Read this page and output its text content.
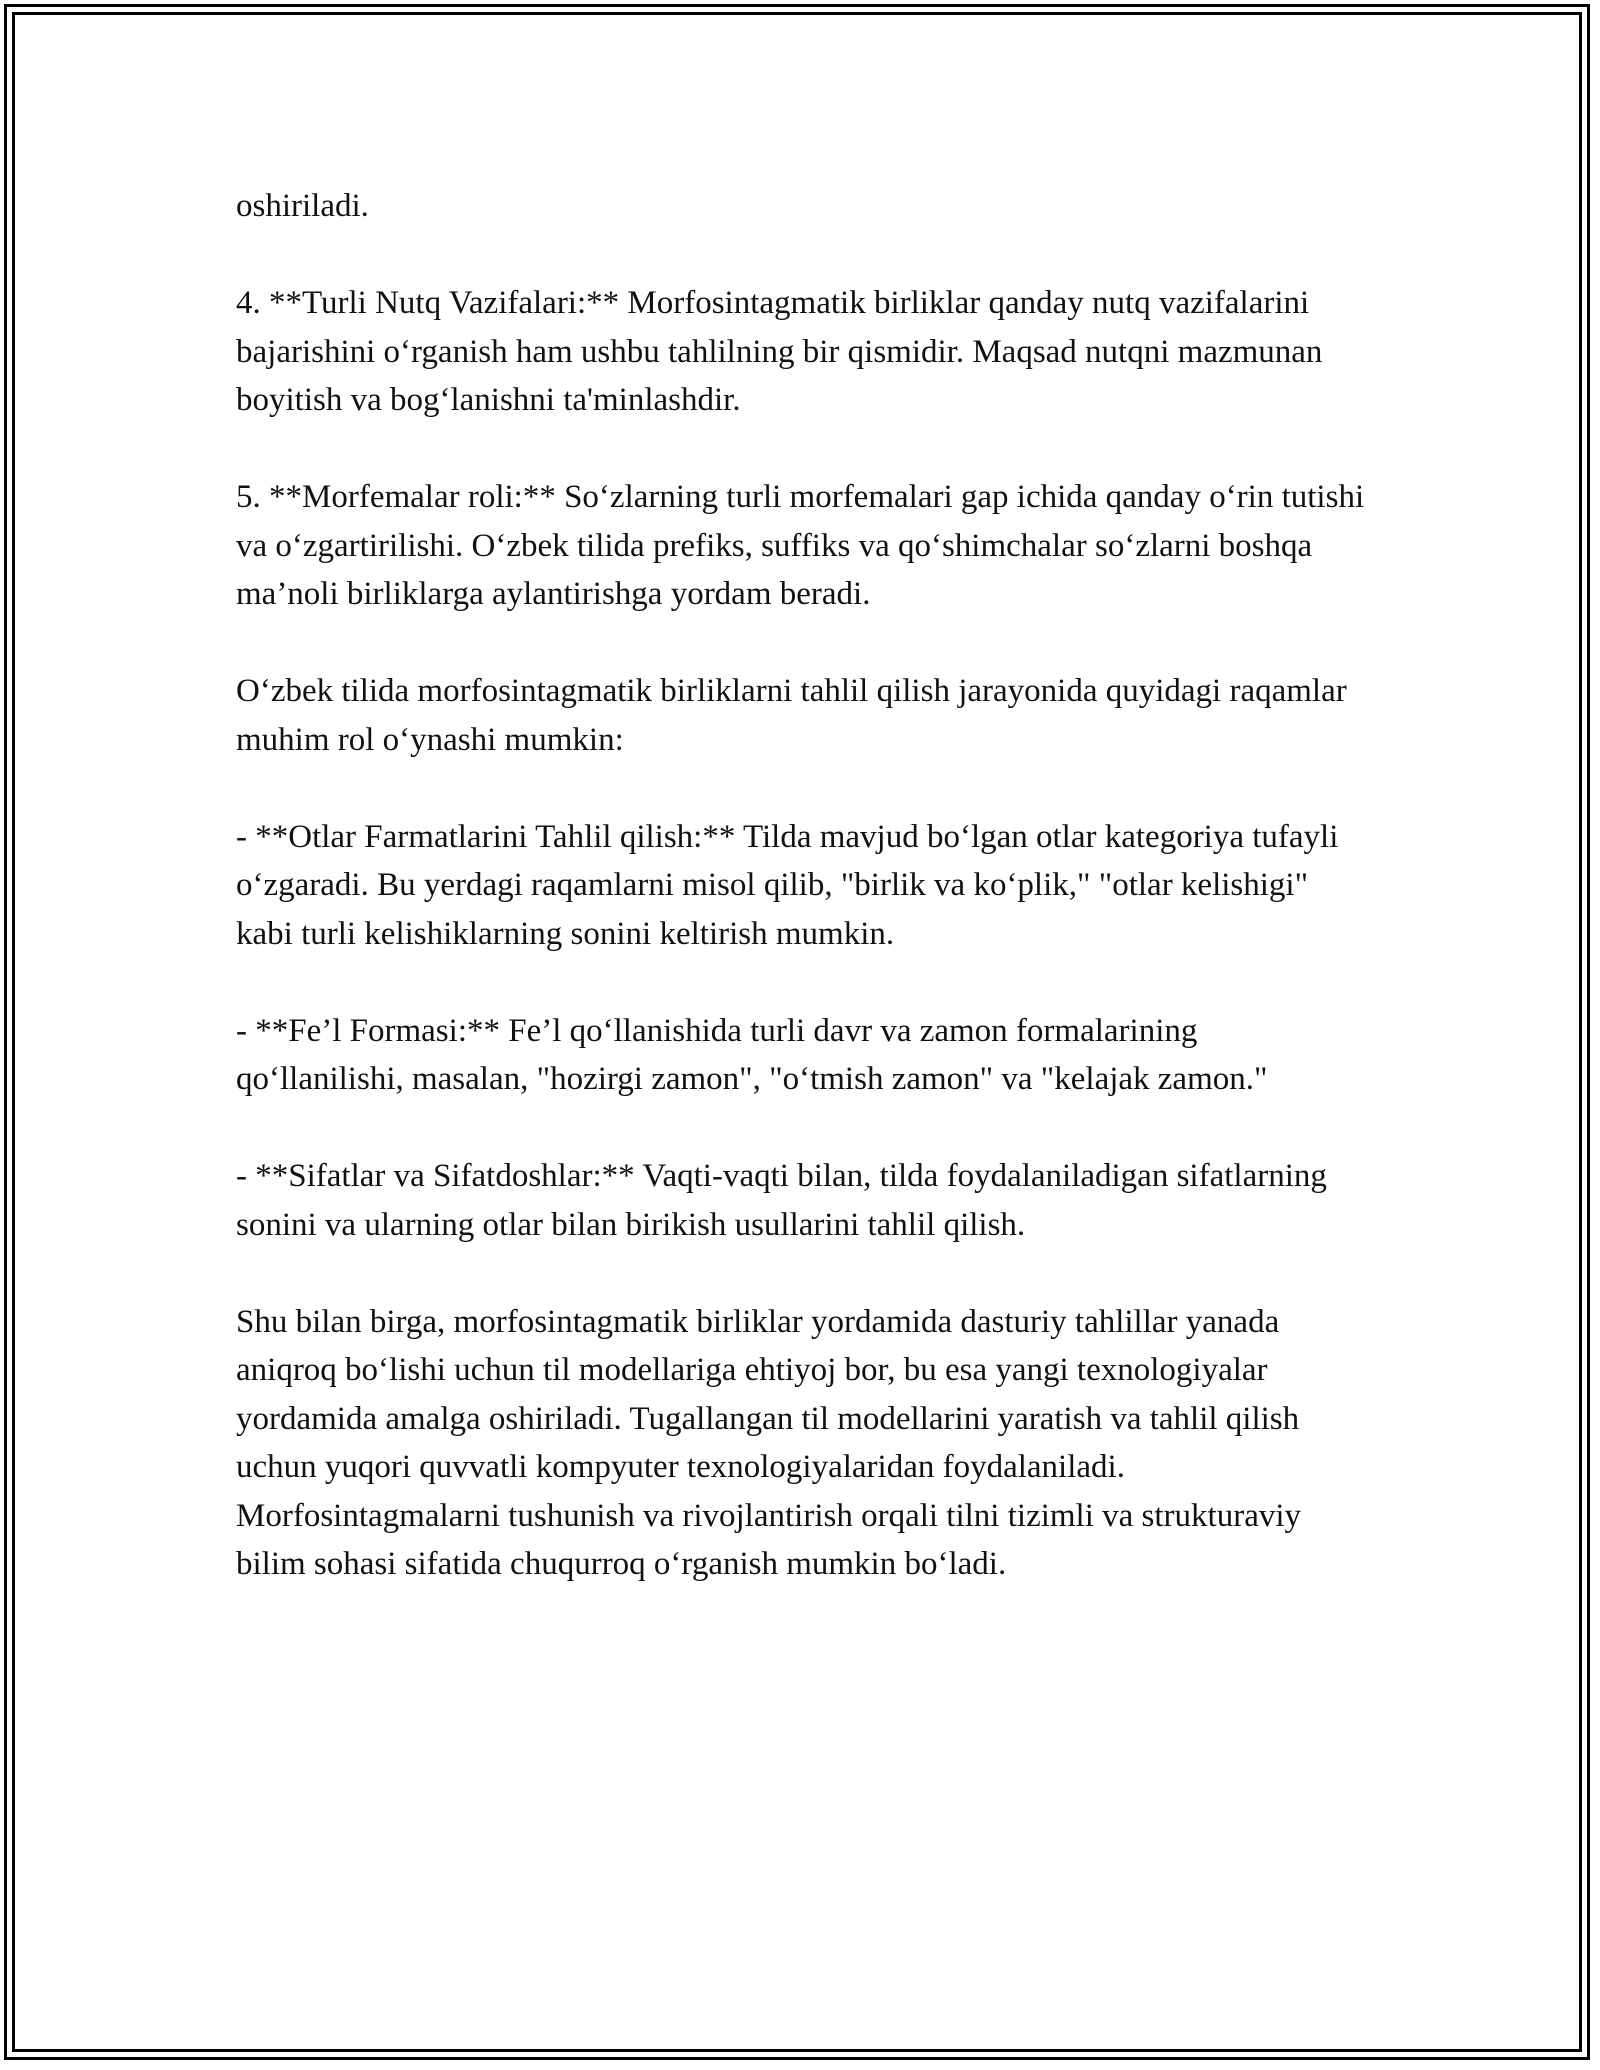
oshiriladi.

4. **Turli Nutq Vazifalari:** Morfosintagmatik birliklar qanday nutq vazifalarini bajarishini o‘rganish ham ushbu tahlilning bir qismidir. Maqsad nutqni mazmunan boyitish va bog‘lanishni ta'minlashdir.

5. **Morfemalar roli:** So‘zlarning turli morfemalari gap ichida qanday o‘rin tutishi va o‘zgartirilishi. O‘zbek tilida prefiks, suffiks va qo‘shimchalar so‘zlarni boshqa ma’noli birliklarga aylantirishga yordam beradi.

O‘zbek tilida morfosintagmatik birliklarni tahlil qilish jarayonida quyidagi raqamlar muhim rol o‘ynashi mumkin:

- **Otlar Farmatlarini Tahlil qilish:** Tilda mavjud bo‘lgan otlar kategoriya tufayli o‘zgaradi. Bu yerdagi raqamlarni misol qilib, "birlik va ko‘plik," "otlar kelishigi" kabi turli kelishiklarning sonini keltirish mumkin.

- **Fe’l Formasi:** Fe’l qo‘llanishida turli davr va zamon formalarining qo‘llanilishi, masalan, "hozirgi zamon", "o‘tmish zamon" va "kelajak zamon."

- **Sifatlar va Sifatdoshlar:** Vaqti-vaqti bilan, tilda foydalaniladigan sifatlarning sonini va ularning otlar bilan birikish usullarini tahlil qilish.

Shu bilan birga, morfosintagmatik birliklar yordamida dasturiy tahlillar yanada aniqroq bo‘lishi uchun til modellariga ehtiyoj bor, bu esa yangi texnologiyalar yordamida amalga oshiriladi. Tugallangan til modellarini yaratish va tahlil qilish uchun yuqori quvvatli kompyuter texnologiyalaridan foydalaniladi. Morfosintagmalarni tushunish va rivojlantirish orqali tilni tizimli va strukturaviy bilim sohasi sifatida chuqurroq o‘rganish mumkin bo‘ladi.
